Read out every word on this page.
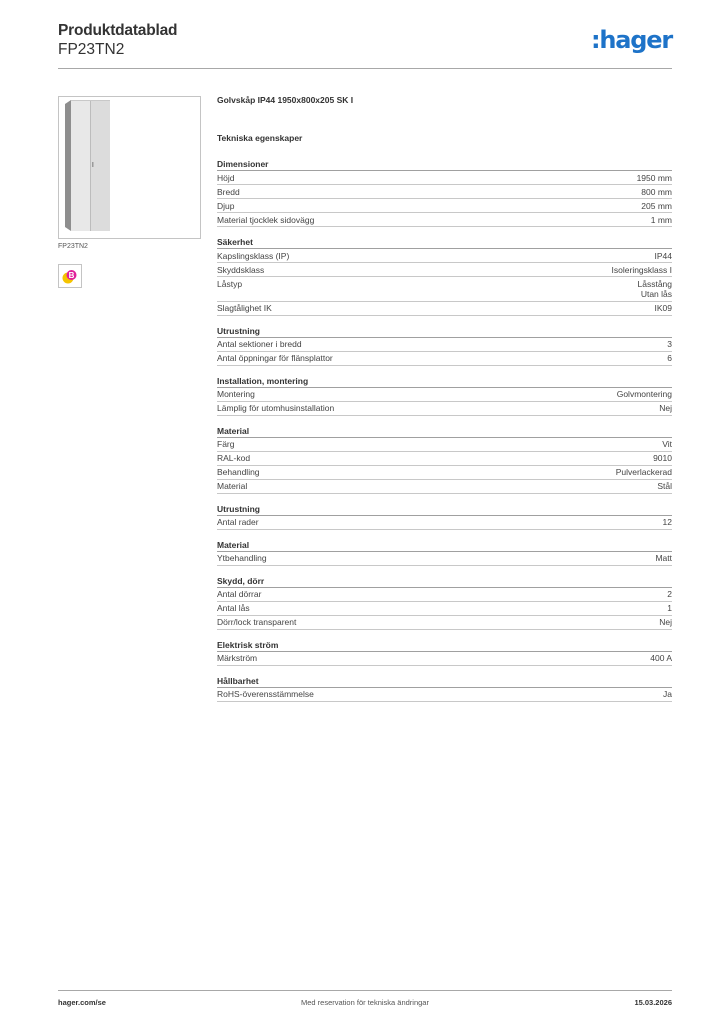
Produktdatablad
FP23TN2	:hager
FP23TN2
B
Golvskåp IP44 1950x800x205 SK I
Tekniska egenskaper
Dimensioner
Höjd	1950 mm
Bredd	800 mm
Djup	205 mm
Material tjocklek sidovägg	1 mm
Säkerhet
Kapslingsklass (IP)	IP44
Skyddsklass	Isoleringsklass I
Låstyp	Låsstång
Utan lås
Slagtålighet IK	IK09
Utrustning
Antal sektioner i bredd	3
Antal öppningar för flänsplattor	6
Installation, montering
Montering	Golvmontering
Lämplig för utomhusinstallation	Nej
Material
Färg	Vit
RAL-kod	9010
Behandling	Pulverlackerad
Material	Stål
Utrustning
Antal rader	12
Material
Ytbehandling	Matt
Skydd, dörr
Antal dörrar	2
Antal lås	1
Dörr/lock transparent	Nej
Elektrisk ström
Märkström	400 A
Hållbarhet
RoHS-överensstämmelse	Ja
hager.com/se	Med reservation för tekniska ändringar	15.03.2026
